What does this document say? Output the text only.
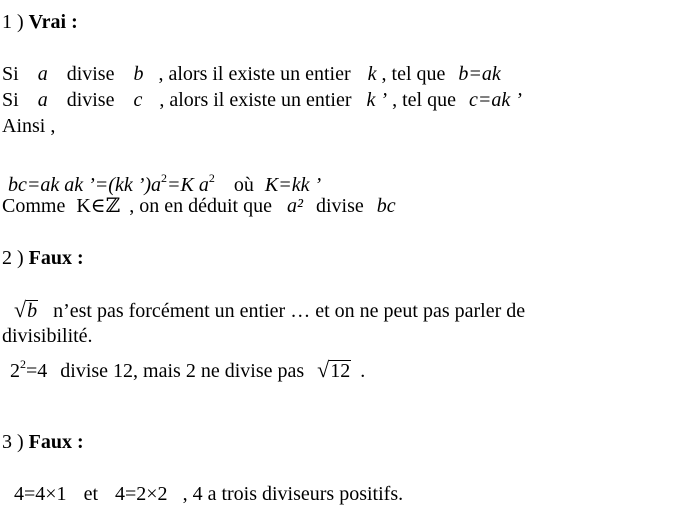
1 ) Vrai :
Si a divise b , alors il existe un entier k , tel que b=ak
Si a divise c , alors il existe un entier k ’ , tel que c=ak ’
Ainsi ,
bc=ak ak ’=(kk $’)a^2=K$ $a^2$ où K=kk ’
Comme K∈ℤ , on en déduit que a² divise bc
2 ) Faux :
√b n’est pas forcément un entier … et on ne peut pas parler de
divisibilité.
$2^2=4$ divise 12, mais 2 ne divise pas √12 .
3 ) Faux :
4=4×1 et 4=2×2 , 4 a trois diviseurs positifs.
